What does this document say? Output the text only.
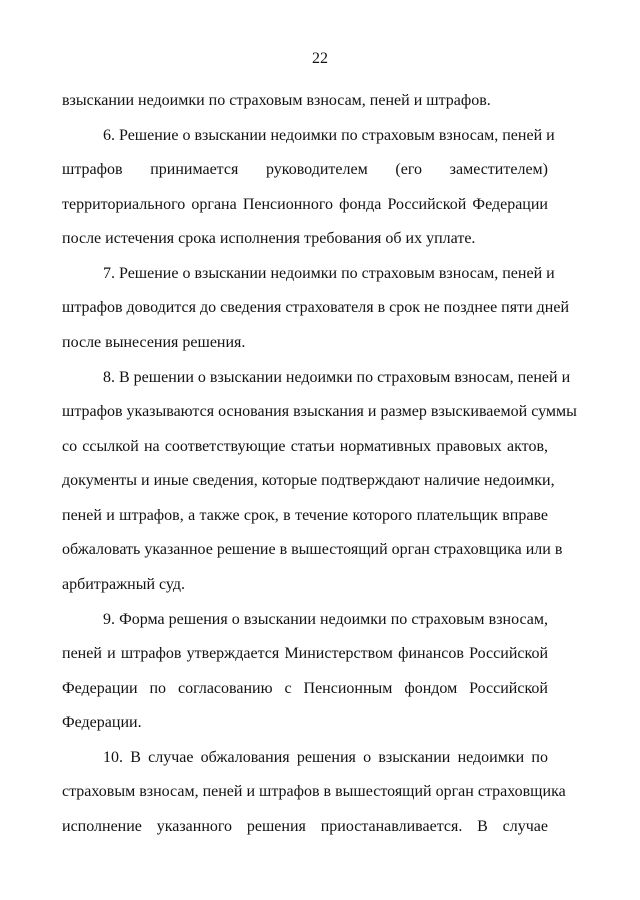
22
взыскании недоимки по страховым взносам, пеней и штрафов.
6. Решение о взыскании недоимки по страховым взносам, пеней и
штрафов принимается руководителем (его заместителем)
территориального органа Пенсионного фонда Российской Федерации
после истечения срока исполнения требования об их уплате.
7. Решение о взыскании недоимки по страховым взносам, пеней и
штрафов доводится до сведения страхователя в срок не позднее пяти дней
после вынесения решения.
8. В решении о взыскании недоимки по страховым взносам, пеней и
штрафов указываются основания взыскания и размер взыскиваемой суммы
со ссылкой на соответствующие статьи нормативных правовых актов,
документы и иные сведения, которые подтверждают наличие недоимки,
пеней и штрафов, а также срок, в течение которого плательщик вправе
обжаловать указанное решение в вышестоящий орган страховщика или в
арбитражный суд.
9. Форма решения о взыскании недоимки по страховым взносам,
пеней и штрафов утверждается Министерством финансов Российской
Федерации по согласованию с Пенсионным фондом Российской
Федерации.
10. В случае обжалования решения о взыскании недоимки по
страховым взносам, пеней и штрафов в вышестоящий орган страховщика
исполнение указанного решения приостанавливается. В случае
